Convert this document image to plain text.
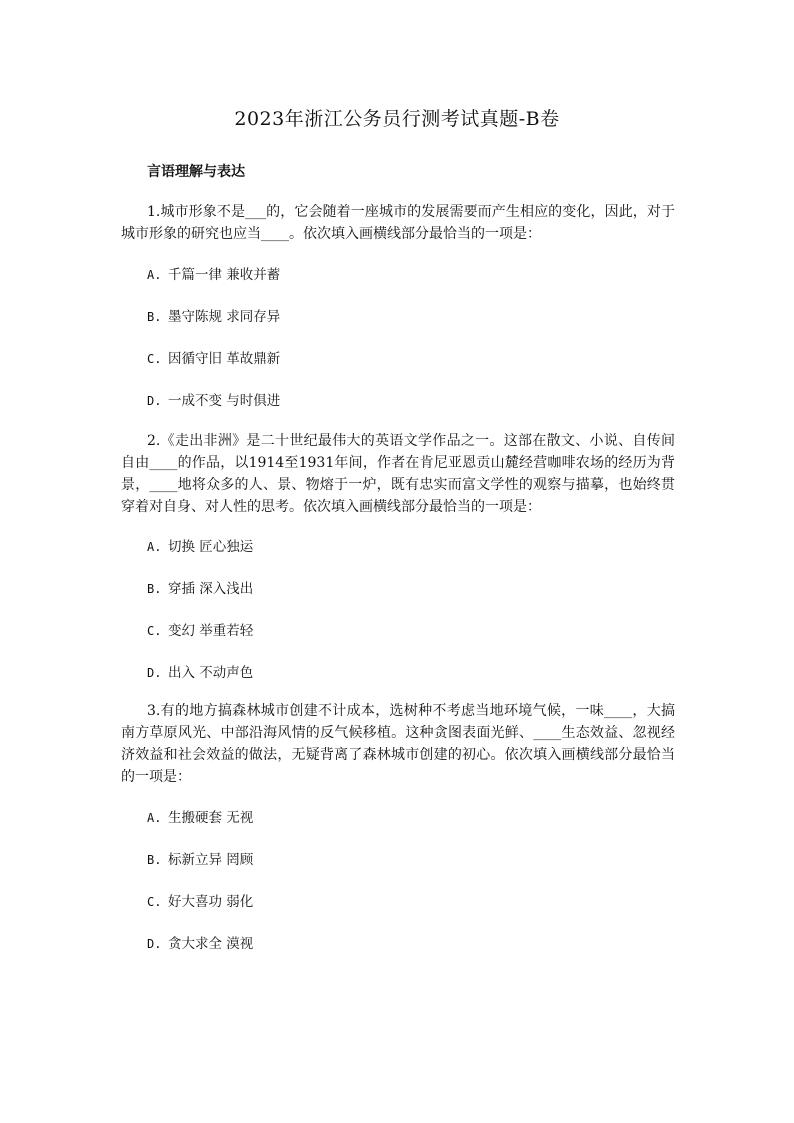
2023年浙江公务员行测考试真题-B卷
言语理解与表达
1.城市形象不是___的，它会随着一座城市的发展需要而产生相应的变化，因此，对于城市形象的研究也应当____。依次填入画横线部分最恰当的一项是：
A. 千篇一律 兼收并蓄
B. 墨守陈规 求同存异
C. 因循守旧 革故鼎新
D. 一成不变 与时俱进
2.《走出非洲》是二十世纪最伟大的英语文学作品之一。这部在散文、小说、自传间自由____的作品，以1914至1931年间，作者在肯尼亚恩贡山麓经营咖啡农场的经历为背景，____地将众多的人、景、物熔于一炉，既有忠实而富文学性的观察与描摹，也始终贯穿着对自身、对人性的思考。依次填入画横线部分最恰当的一项是：
A. 切换 匠心独运
B. 穿插 深入浅出
C. 变幻 举重若轻
D. 出入 不动声色
3.有的地方搞森林城市创建不计成本，选树种不考虑当地环境气候，一味____，大搞南方草原风光、中部沿海风情的反气候移植。这种贪图表面光鲜、____生态效益、忽视经济效益和社会效益的做法，无疑背离了森林城市创建的初心。依次填入画横线部分最恰当的一项是：
A. 生搬硬套 无视
B. 标新立异 罔顾
C. 好大喜功 弱化
D. 贪大求全 漠视
